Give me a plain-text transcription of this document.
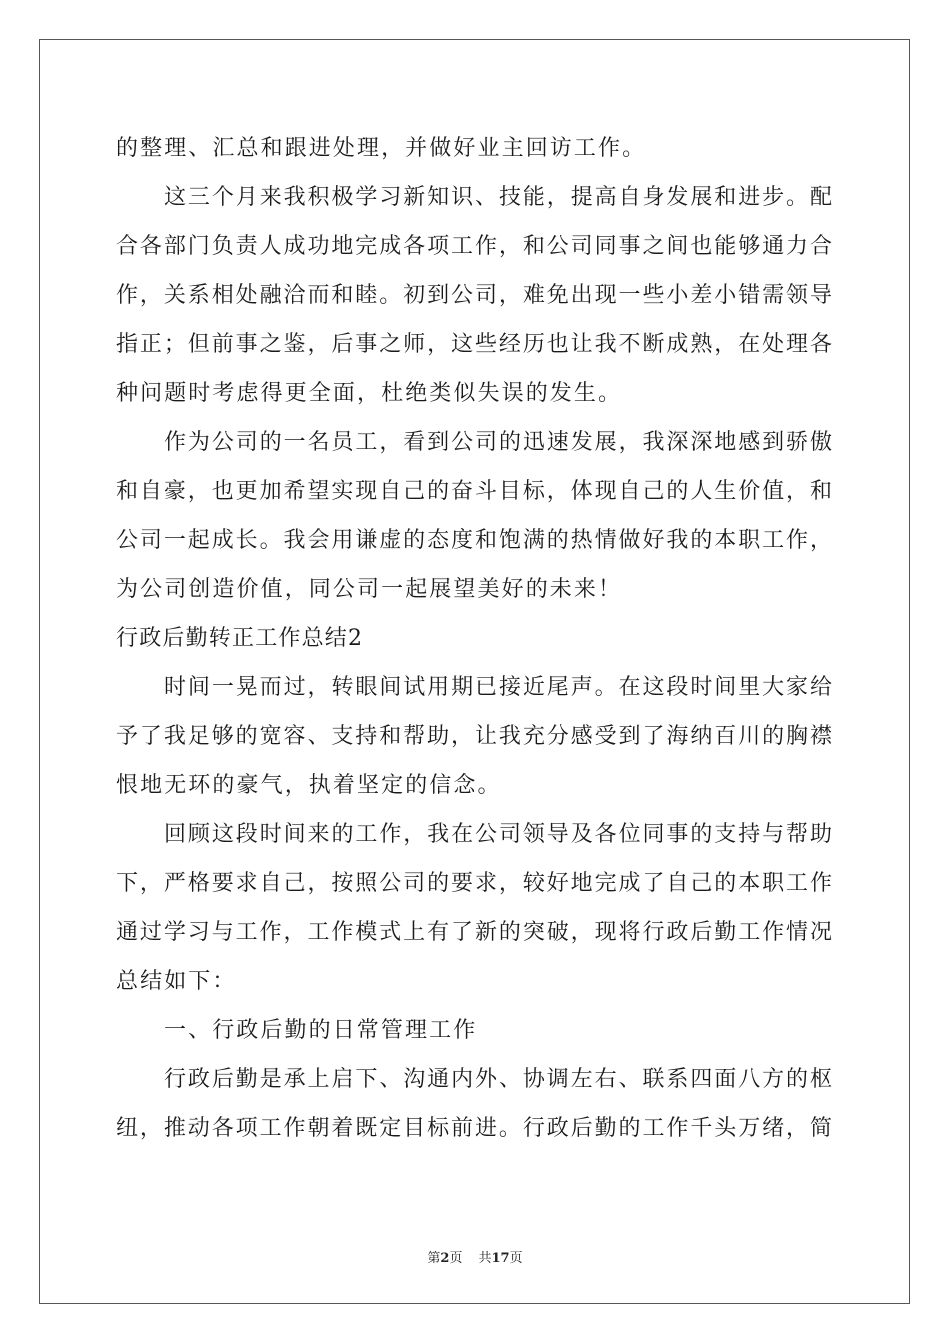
的整理、汇总和跟进处理，并做好业主回访工作。
这三个月来我积极学习新知识、技能，提高自身发展和进步。配
合各部门负责人成功地完成各项工作，和公司同事之间也能够通力合
作，关系相处融洽而和睦。初到公司，难免出现一些小差小错需领导
指正；但前事之鉴，后事之师，这些经历也让我不断成熟，在处理各
种问题时考虑得更全面，杜绝类似失误的发生。
作为公司的一名员工，看到公司的迅速发展，我深深地感到骄傲
和自豪，也更加希望实现自己的奋斗目标，体现自己的人生价值，和
公司一起成长。我会用谦虚的态度和饱满的热情做好我的本职工作，
为公司创造价值，同公司一起展望美好的未来！
行政后勤转正工作总结2
时间一晃而过，转眼间试用期已接近尾声。在这段时间里大家给
予了我足够的宽容、支持和帮助，让我充分感受到了海纳百川的胸襟
恨地无环的豪气，执着坚定的信念。
回顾这段时间来的工作，我在公司领导及各位同事的支持与帮助
下，严格要求自己，按照公司的要求，较好地完成了自己的本职工作
通过学习与工作，工作模式上有了新的突破，现将行政后勤工作情况
总结如下：
一、行政后勤的日常管理工作
行政后勤是承上启下、沟通内外、协调左右、联系四面八方的枢
纽，推动各项工作朝着既定目标前进。行政后勤的工作千头万绪，简
第2页 共17页
